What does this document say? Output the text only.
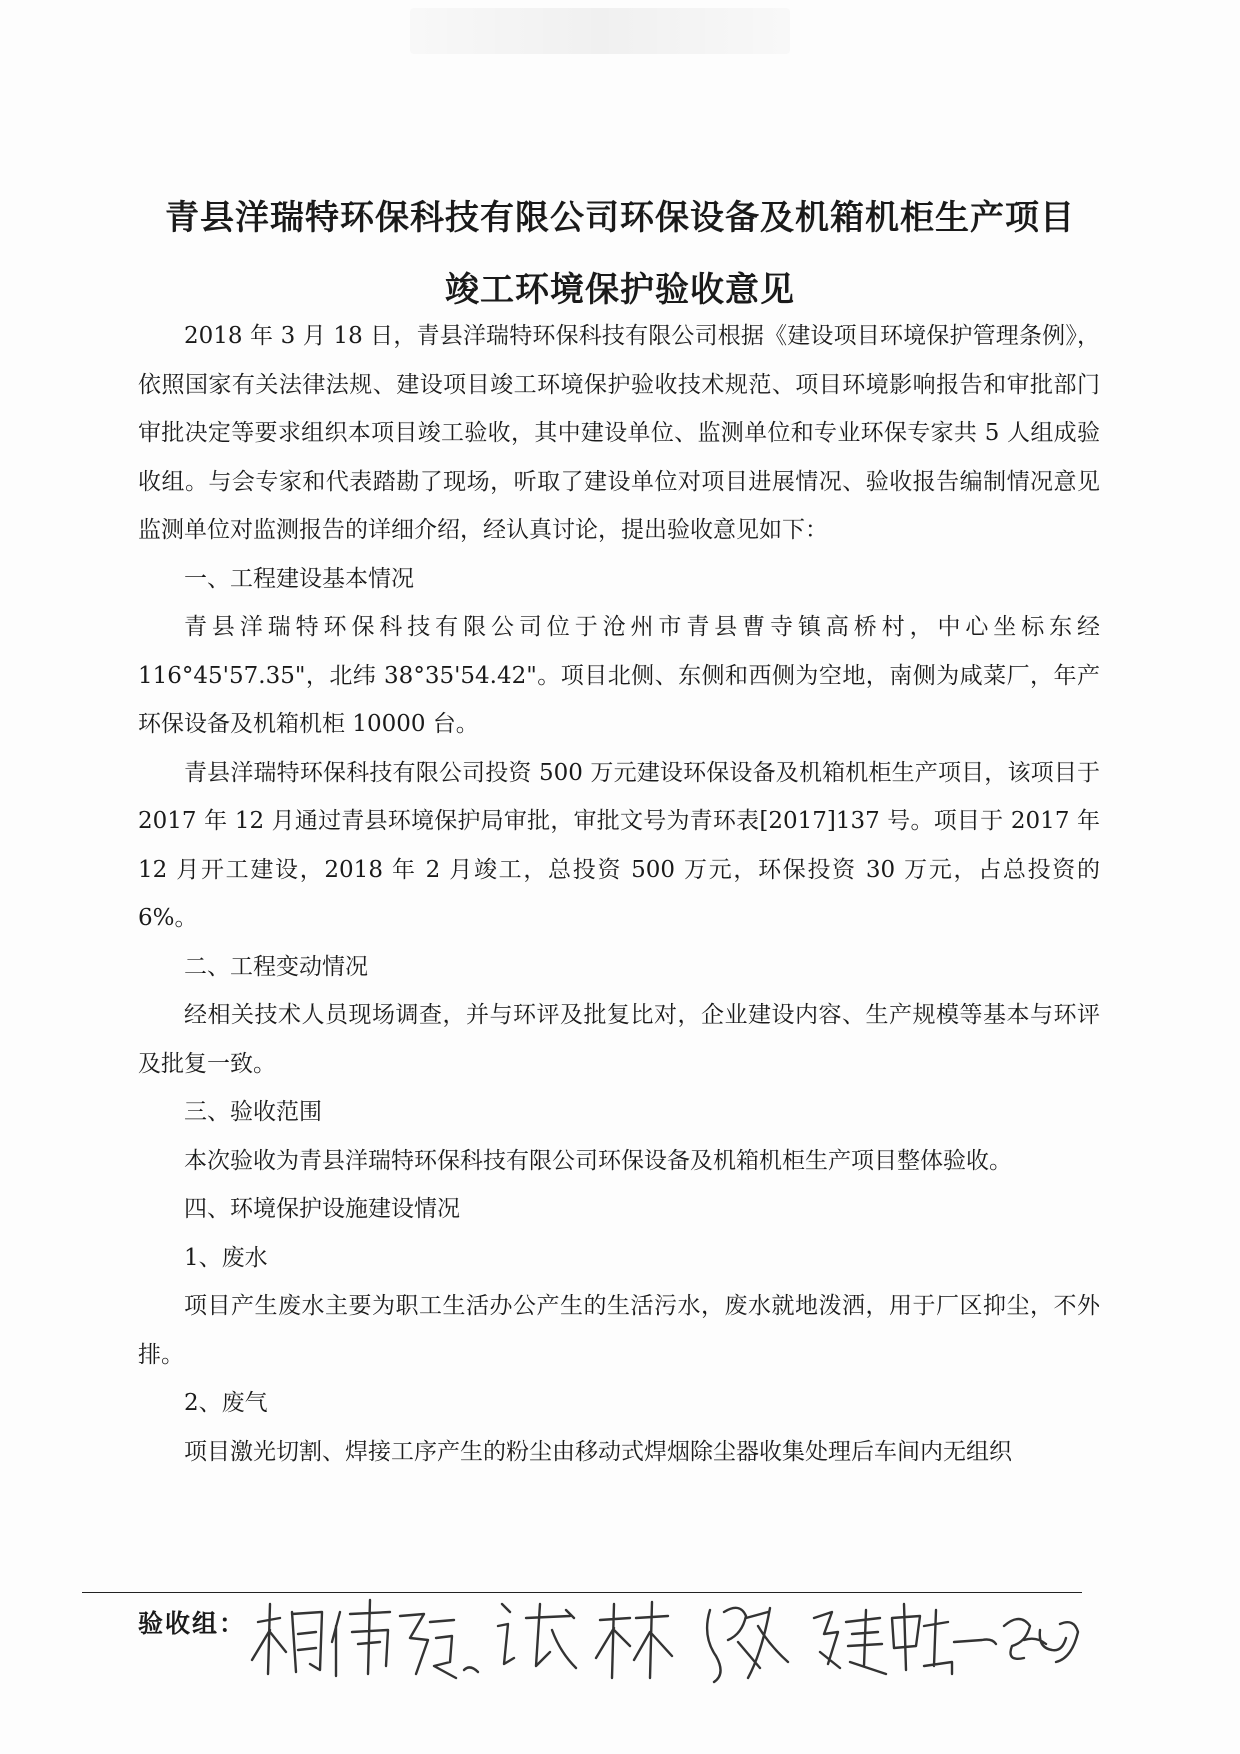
青县洋瑞特环保科技有限公司环保设备及机箱机柜生产项目
竣工环境保护验收意见

2018 年 3 月 18 日，青县洋瑞特环保科技有限公司根据《建设项目环境保护管理条例》，依照国家有关法律法规、建设项目竣工环境保护验收技术规范、项目环境影响报告和审批部门审批决定等要求组织本项目竣工验收，其中建设单位、监测单位和专业环保专家共 5 人组成验收组。与会专家和代表踏勘了现场，听取了建设单位对项目进展情况、验收报告编制情况意见监测单位对监测报告的详细介绍，经认真讨论，提出验收意见如下：

一、工程建设基本情况

青县洋瑞特环保科技有限公司位于沧州市青县曹寺镇高桥村，中心坐标东经 116°45'57.35"，北纬 38°35'54.42"。项目北侧、东侧和西侧为空地，南侧为咸菜厂，年产环保设备及机箱机柜 10000 台。

青县洋瑞特环保科技有限公司投资 500 万元建设环保设备及机箱机柜生产项目，该项目于 2017 年 12 月通过青县环境保护局审批，审批文号为青环表[2017]137 号。项目于 2017 年 12 月开工建设，2018 年 2 月竣工，总投资 500 万元，环保投资 30 万元，占总投资的 6%。

二、工程变动情况

经相关技术人员现场调查，并与环评及批复比对，企业建设内容、生产规模等基本与环评及批复一致。

三、验收范围

本次验收为青县洋瑞特环保科技有限公司环保设备及机箱机柜生产项目整体验收。

四、环境保护设施建设情况

1、废水

项目产生废水主要为职工生活办公产生的生活污水，废水就地泼洒，用于厂区抑尘，不外排。

2、废气

项目激光切割、焊接工序产生的粉尘由移动式焊烟除尘器收集处理后车间内无组织

验收组：
